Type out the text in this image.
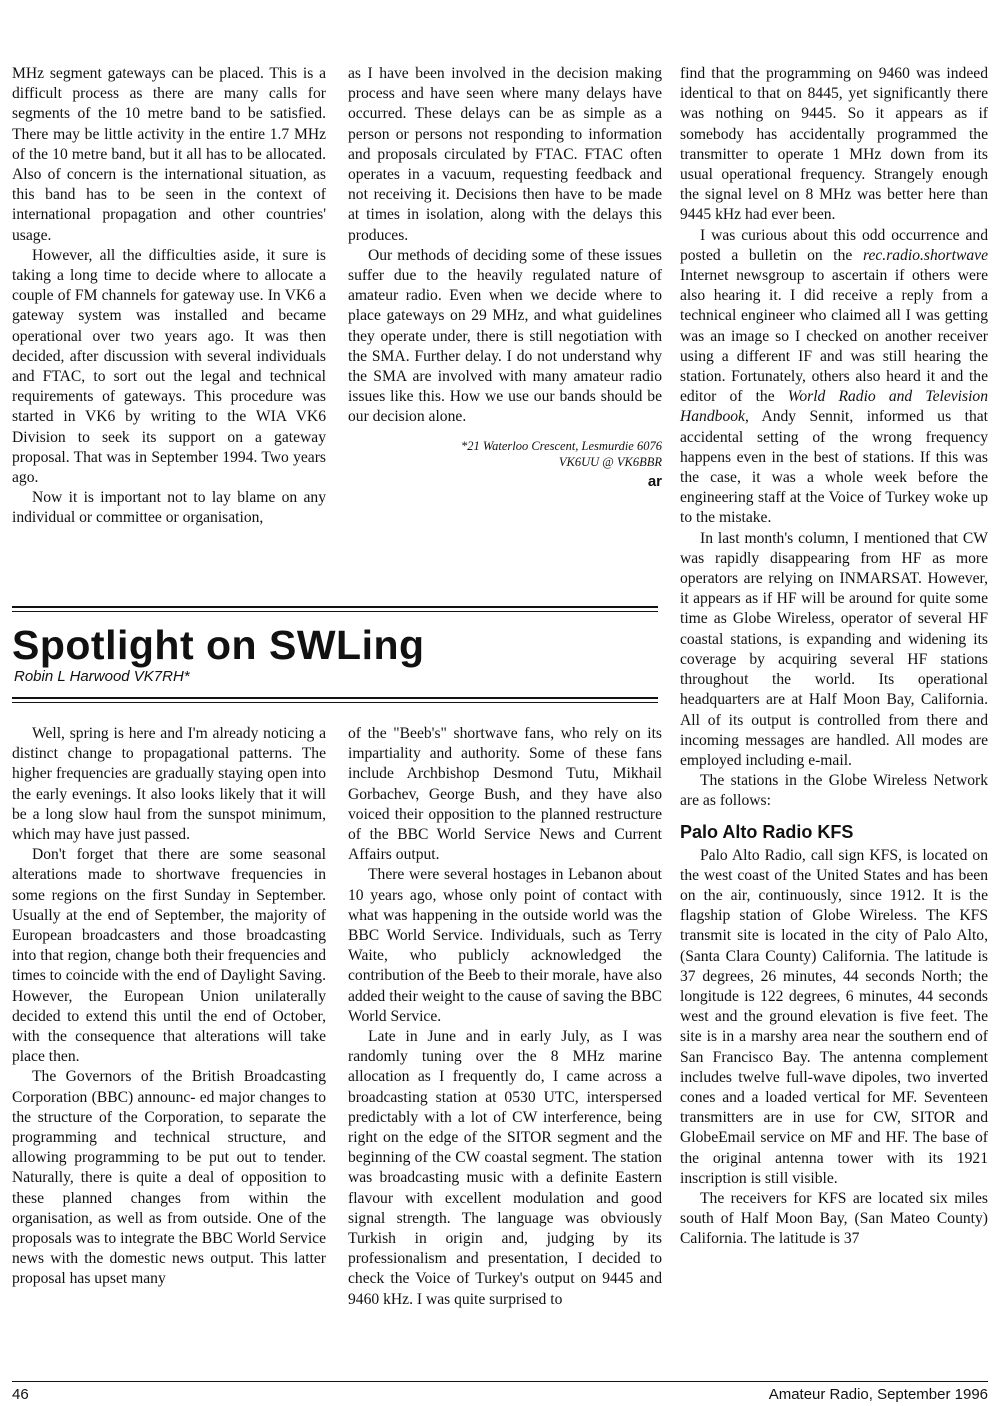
MHz segment gateways can be placed. This is a difficult process as there are many calls for segments of the 10 metre band to be satisfied. There may be little activity in the entire 1.7 MHz of the 10 metre band, but it all has to be allocated. Also of concern is the international situation, as this band has to be seen in the context of international propagation and other countries' usage.

However, all the difficulties aside, it sure is taking a long time to decide where to allocate a couple of FM channels for gateway use. In VK6 a gateway system was installed and became operational over two years ago. It was then decided, after discussion with several individuals and FTAC, to sort out the legal and technical requirements of gateways. This procedure was started in VK6 by writing to the WIA VK6 Division to seek its support on a gateway proposal. That was in September 1994. Two years ago.

Now it is important not to lay blame on any individual or committee or organisation,

as I have been involved in the decision making process and have seen where many delays have occurred. These delays can be as simple as a person or persons not responding to information and proposals circulated by FTAC. FTAC often operates in a vacuum, requesting feedback and not receiving it. Decisions then have to be made at times in isolation, along with the delays this produces.

Our methods of deciding some of these issues suffer due to the heavily regulated nature of amateur radio. Even when we decide where to place gateways on 29 MHz, and what guidelines they operate under, there is still negotiation with the SMA. Further delay. I do not understand why the SMA are involved with many amateur radio issues like this. How we use our bands should be our decision alone.

*21 Waterloo Crescent, Lesmurdie 6076
VK6UU @ VK6BBR
ar
Spotlight on SWLing
Robin L Harwood VK7RH*

find that the programming on 9460 was indeed identical to that on 8445, yet significantly there was nothing on 9445. So it appears as if somebody has accidentally programmed the transmitter to operate 1 MHz down from its usual operational frequency. Strangely enough the signal level on 8 MHz was better here than 9445 kHz had ever been.

I was curious about this odd occurrence and posted a bulletin on the rec.radio.shortwave Internet newsgroup to ascertain if others were also hearing it. I did receive a reply from a technical engineer who claimed all I was getting was an image so I checked on another receiver using a different IF and was still hearing the station. Fortunately, others also heard it and the editor of the World Radio and Television Handbook, Andy Sennit, informed us that accidental setting of the wrong frequency happens even in the best of stations. If this was the case, it was a whole week before the engineering staff at the Voice of Turkey woke up to the mistake.

In last month's column, I mentioned that CW was rapidly disappearing from HF as more operators are relying on INMARSAT. However, it appears as if HF will be around for quite some time as Globe Wireless, operator of several HF coastal stations, is expanding and widening its coverage by acquiring several HF stations throughout the world. Its operational headquarters are at Half Moon Bay, California. All of its output is controlled from there and incoming messages are handled. All modes are employed including e-mail.

The stations in the Globe Wireless Network are as follows:

Palo Alto Radio KFS

Palo Alto Radio, call sign KFS, is located on the west coast of the United States and has been on the air, continuously, since 1912. It is the flagship station of Globe Wireless. The KFS transmit site is located in the city of Palo Alto, (Santa Clara County) California. The latitude is 37 degrees, 26 minutes, 44 seconds North; the longitude is 122 degrees, 6 minutes, 44 seconds west and the ground elevation is five feet. The site is in a marshy area near the southern end of San Francisco Bay. The antenna complement includes twelve full-wave dipoles, two inverted cones and a loaded vertical for MF. Seventeen transmitters are in use for CW, SITOR and GlobeEmail service on MF and HF. The base of the original antenna tower with its 1921 inscription is still visible.

The receivers for KFS are located six miles south of Half Moon Bay, (San Mateo County) California. The latitude is 37

Well, spring is here and I'm already noticing a distinct change to propagational patterns. The higher frequencies are gradually staying open into the early evenings. It also looks likely that it will be a long slow haul from the sunspot minimum, which may have just passed.

Don't forget that there are some seasonal alterations made to shortwave frequencies in some regions on the first Sunday in September. Usually at the end of September, the majority of European broadcasters and those broadcasting into that region, change both their frequencies and times to coincide with the end of Daylight Saving. However, the European Union unilaterally decided to extend this until the end of October, with the consequence that alterations will take place then.

The Governors of the British Broadcasting Corporation (BBC) announc- ed major changes to the structure of the Corporation, to separate the programming and technical structure, and allowing programming to be put out to tender. Naturally, there is quite a deal of opposition to these planned changes from within the organisation, as well as from outside. One of the proposals was to integrate the BBC World Service news with the domestic news output. This latter proposal has upset many

of the "Beeb's" shortwave fans, who rely on its impartiality and authority. Some of these fans include Archbishop Desmond Tutu, Mikhail Gorbachev, George Bush, and they have also voiced their opposition to the planned restructure of the BBC World Service News and Current Affairs output.

There were several hostages in Lebanon about 10 years ago, whose only point of contact with what was happening in the outside world was the BBC World Service. Individuals, such as Terry Waite, who publicly acknowledged the contribution of the Beeb to their morale, have also added their weight to the cause of saving the BBC World Service.

Late in June and in early July, as I was randomly tuning over the 8 MHz marine allocation as I frequently do, I came across a broadcasting station at 0530 UTC, interspersed predictably with a lot of CW interference, being right on the edge of the SITOR segment and the beginning of the CW coastal segment. The station was broadcasting music with a definite Eastern flavour with excellent modulation and good signal strength. The language was obviously Turkish in origin and, judging by its professionalism and presentation, I decided to check the Voice of Turkey's output on 9445 and 9460 kHz. I was quite surprised to

46	Amateur Radio, September 1996
